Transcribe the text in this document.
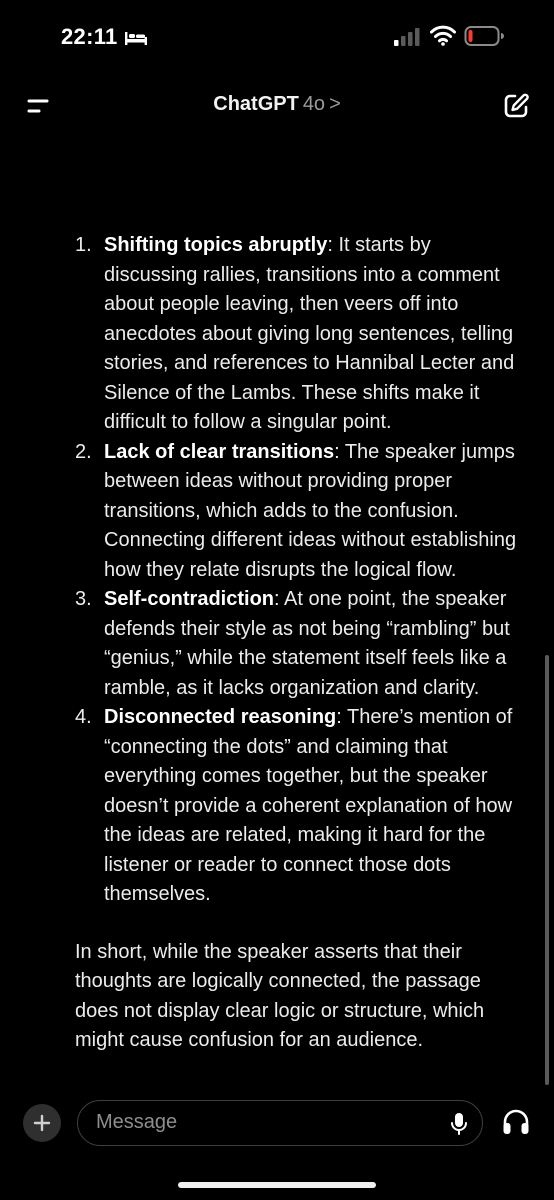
22:11
ChatGPT 4o >
1. Shifting topics abruptly: It starts by discussing rallies, transitions into a comment about people leaving, then veers off into anecdotes about giving long sentences, telling stories, and references to Hannibal Lecter and Silence of the Lambs. These shifts make it difficult to follow a singular point.
2. Lack of clear transitions: The speaker jumps between ideas without providing proper transitions, which adds to the confusion. Connecting different ideas without establishing how they relate disrupts the logical flow.
3. Self-contradiction: At one point, the speaker defends their style as not being “rambling” but “genius,” while the statement itself feels like a ramble, as it lacks organization and clarity.
4. Disconnected reasoning: There’s mention of “connecting the dots” and claiming that everything comes together, but the speaker doesn’t provide a coherent explanation of how the ideas are related, making it hard for the listener or reader to connect those dots themselves.

In short, while the speaker asserts that their thoughts are logically connected, the passage does not display clear logic or structure, which might cause confusion for an audience.

Message
